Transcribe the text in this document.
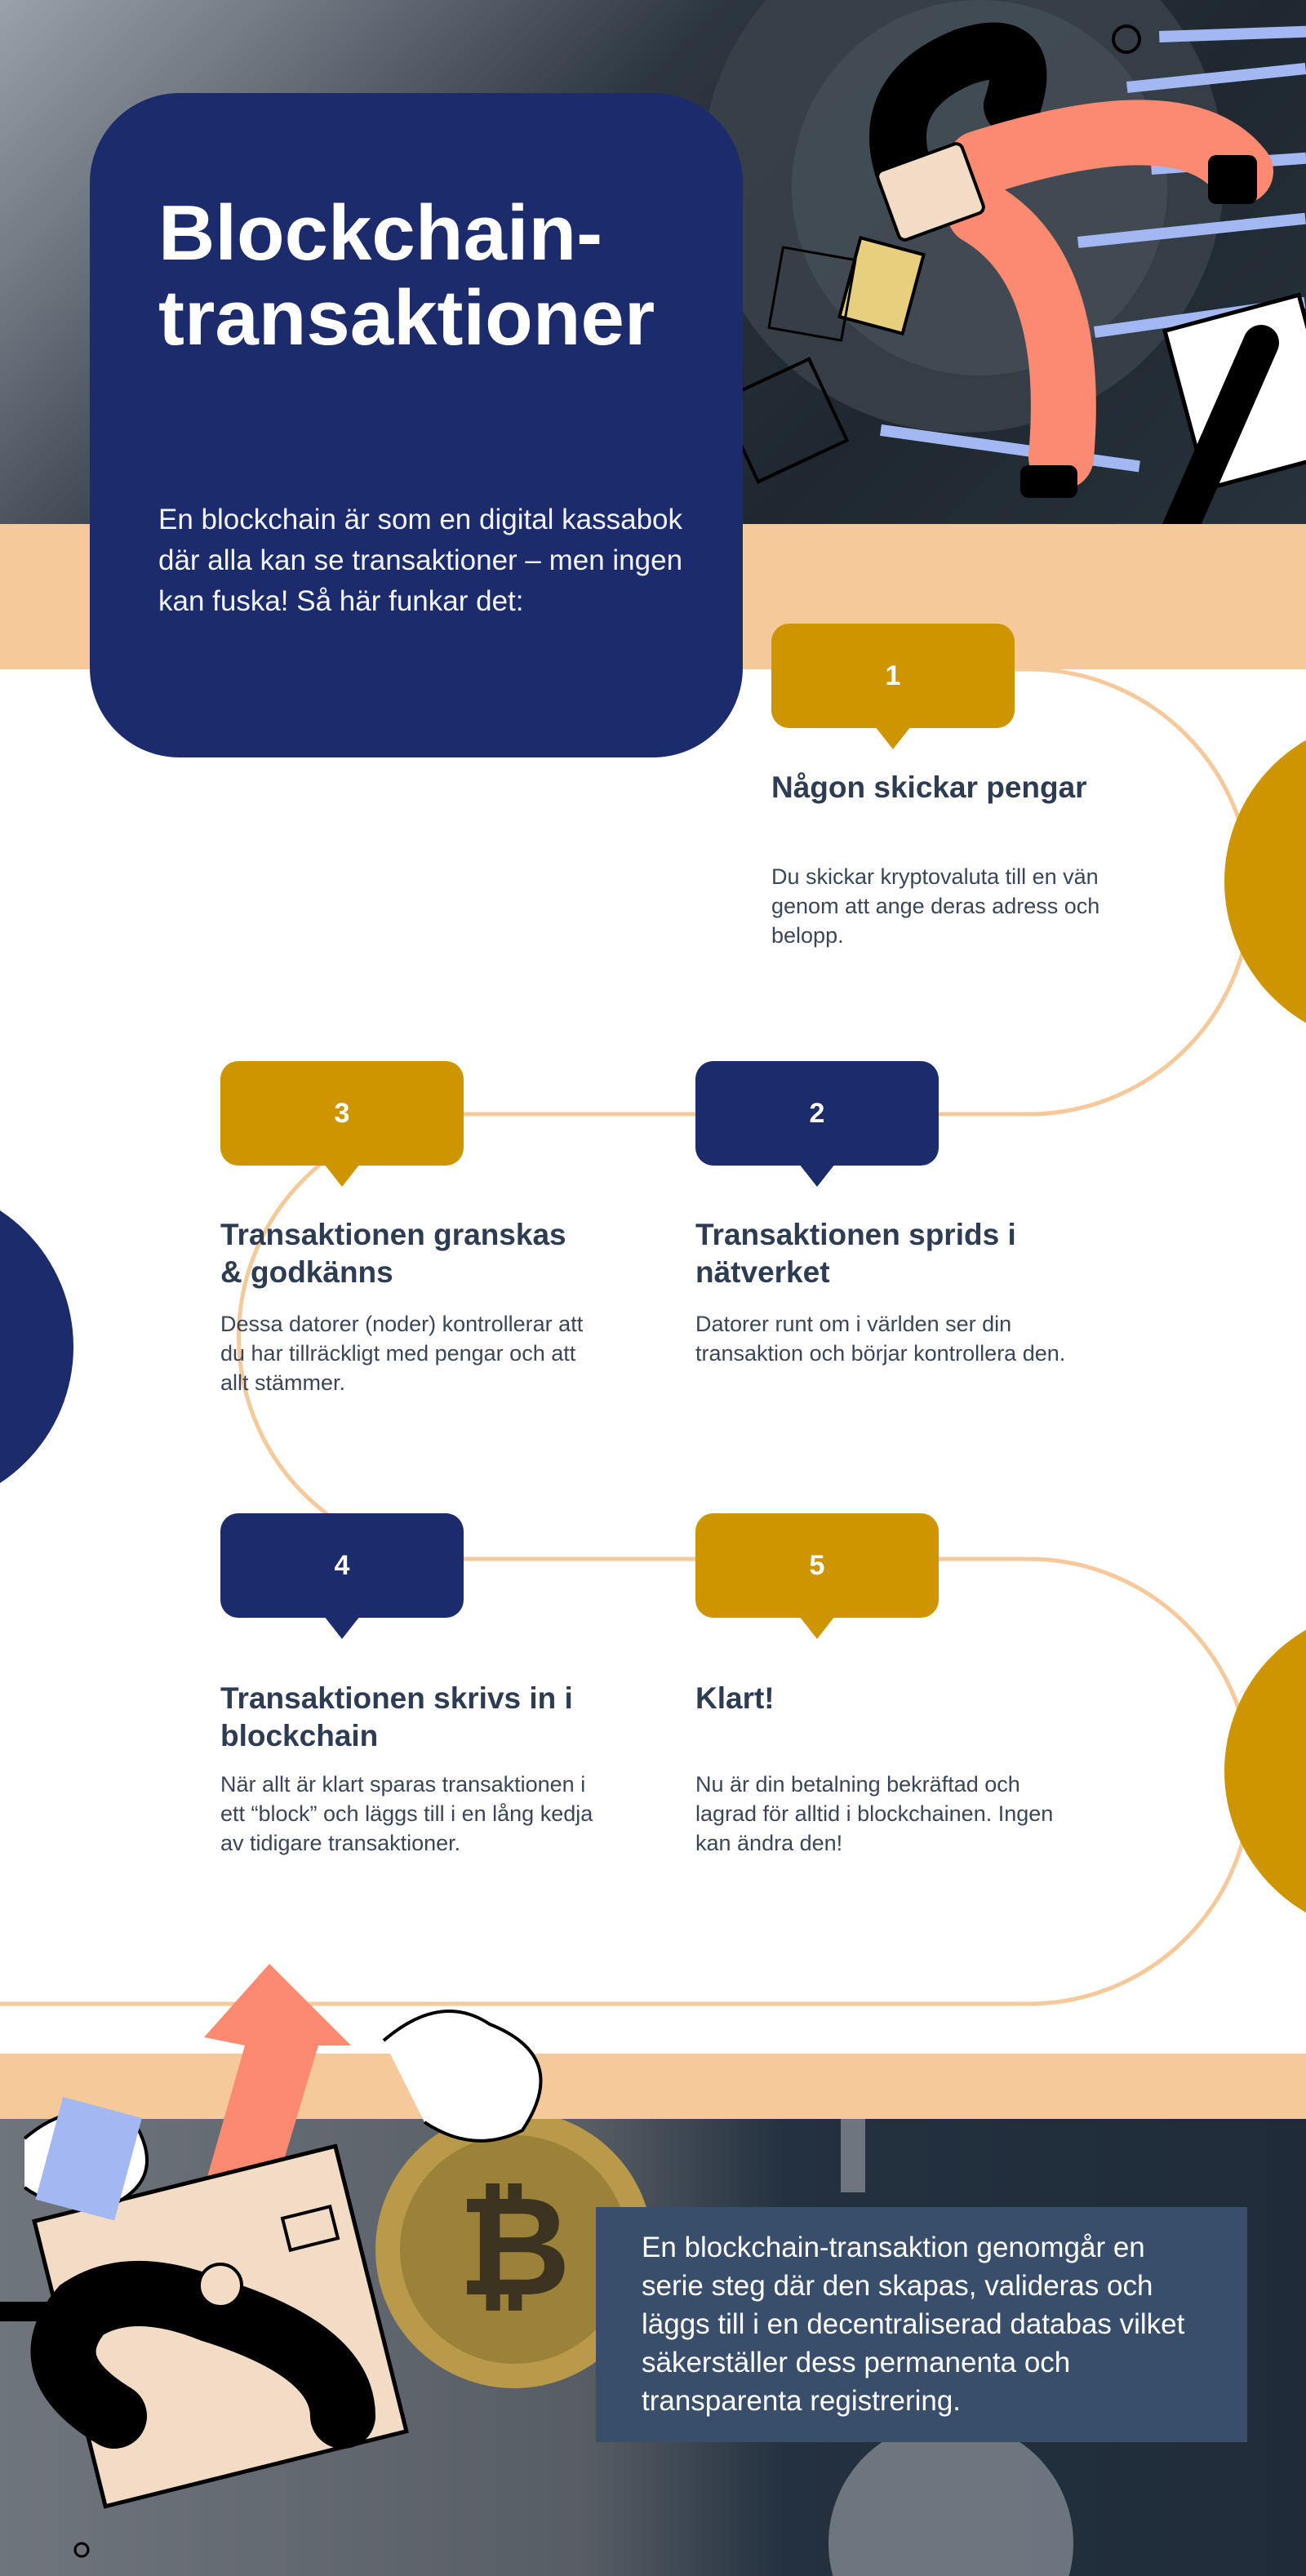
Blockchain-
transaktioner

En blockchain är som en digital kassabok där alla kan se transaktioner – men ingen kan fuska! Så här funkar det:

1
Någon skickar pengar

Du skickar kryptovaluta till en vän genom att ange deras adress och belopp.

3
Transaktionen granskas & godkänns

Dessa datorer (noder) kontrollerar att du har tillräckligt med pengar och att allt stämmer.

2
Transaktionen sprids i nätverket

Datorer runt om i världen ser din transaktion och börjar kontrollera den.

4
Transaktionen skrivs in i blockchain

När allt är klart sparas transaktionen i ett “block” och läggs till i en lång kedja av tidigare transaktioner.

5
Klart!

Nu är din betalning bekräftad och lagrad för alltid i blockchainen. Ingen kan ändra den!

₿	En blockchain-transaktion genomgår en serie steg där den skapas, valideras och läggs till i en decentraliserad databas vilket säkerställer dess permanenta och transparenta registrering.
